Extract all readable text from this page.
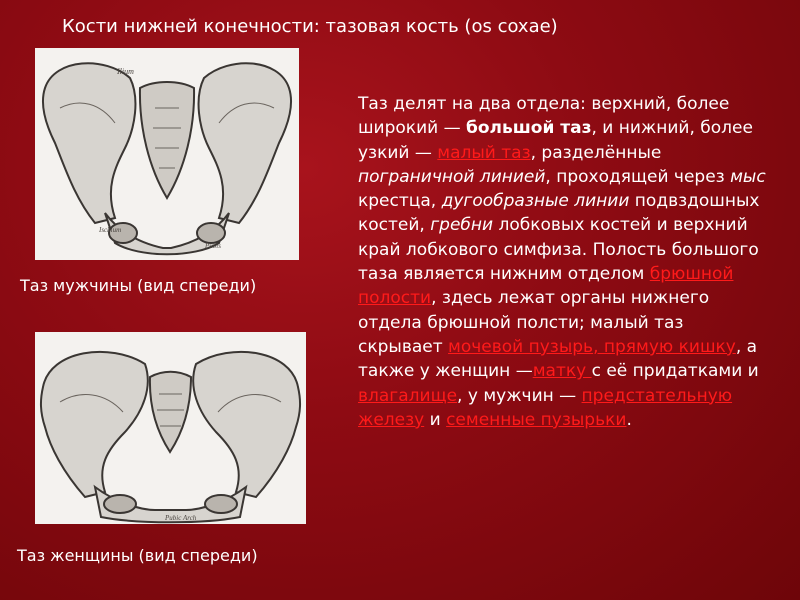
Кости нижней конечности: тазовая кость (os coxae)
Ilium
Ischium
Pubis
Таз мужчины (вид спереди)
Pubic Arch
Таз женщины (вид спереди)
Таз делят на два отдела: верхний, более широкий — большой таз, и нижний, более узкий — малый таз, разделённые пограничной линией, проходящей через мыс крестца, дугообразные линии подвздошных костей, гребни лобковых костей и верхний край лобкового симфиза. Полость большого таза является нижним отделом брюшной полости, здесь лежат органы нижнего отдела брюшной полсти; малый таз скрывает мочевой пузырь, прямую кишку, а также у женщин —матку с её придатками и влагалище, у мужчин — предстательную железу и семенные пузырьки.
